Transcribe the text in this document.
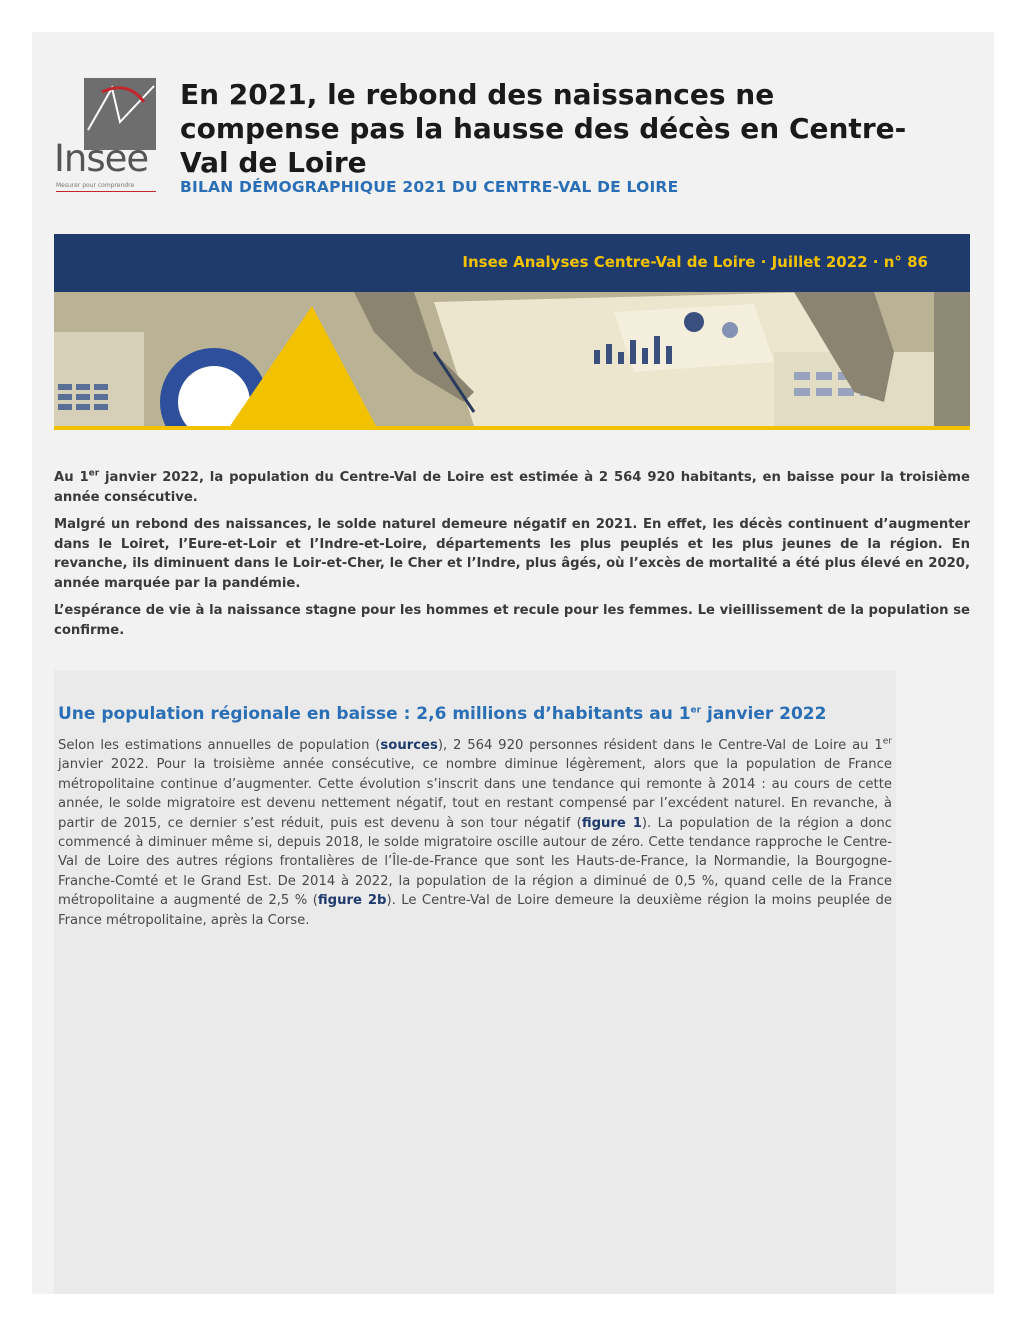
Insee
Mesurer pour comprendre
En 2021, le rebond des naissances ne compense pas la hausse des décès en Centre-Val de Loire
BILAN DÉMOGRAPHIQUE 2021 DU CENTRE-VAL DE LOIRE
Insee Analyses Centre-Val de Loire · Juillet 2022 · n° 86

Au 1er janvier 2022, la population du Centre-Val de Loire est estimée à 2 564 920 habitants, en baisse pour la troisième année consécutive.

Malgré un rebond des naissances, le solde naturel demeure négatif en 2021. En effet, les décès continuent d’augmenter dans le Loiret, l’Eure-et-Loir et l’Indre-et-Loire, départements les plus peuplés et les plus jeunes de la région. En revanche, ils diminuent dans le Loir-et-Cher, le Cher et l’Indre, plus âgés, où l’excès de mortalité a été plus élevé en 2020, année marquée par la pandémie.

L’espérance de vie à la naissance stagne pour les hommes et recule pour les femmes. Le vieillissement de la population se confirme.

Une population régionale en baisse : 2,6 millions d’habitants au 1er janvier 2022

Selon les estimations annuelles de population (sources), 2 564 920 personnes résident dans le Centre-Val de Loire au 1er janvier 2022. Pour la troisième année consécutive, ce nombre diminue légèrement, alors que la population de France métropolitaine continue d’augmenter. Cette évolution s’inscrit dans une tendance qui remonte à 2014 : au cours de cette année, le solde migratoire est devenu nettement négatif, tout en restant compensé par l’excédent naturel. En revanche, à partir de 2015, ce dernier s’est réduit, puis est devenu à son tour négatif (figure 1). La population de la région a donc commencé à diminuer même si, depuis 2018, le solde migratoire oscille autour de zéro. Cette tendance rapproche le Centre-Val de Loire des autres régions frontalières de l’Île-de-France que sont les Hauts-de-France, la Normandie, la Bourgogne-Franche-Comté et le Grand Est. De 2014 à 2022, la population de la région a diminué de 0,5 %, quand celle de la France métropolitaine a augmenté de 2,5 % (figure 2b). Le Centre-Val de Loire demeure la deuxième région la moins peuplée de France métropolitaine, après la Corse.
